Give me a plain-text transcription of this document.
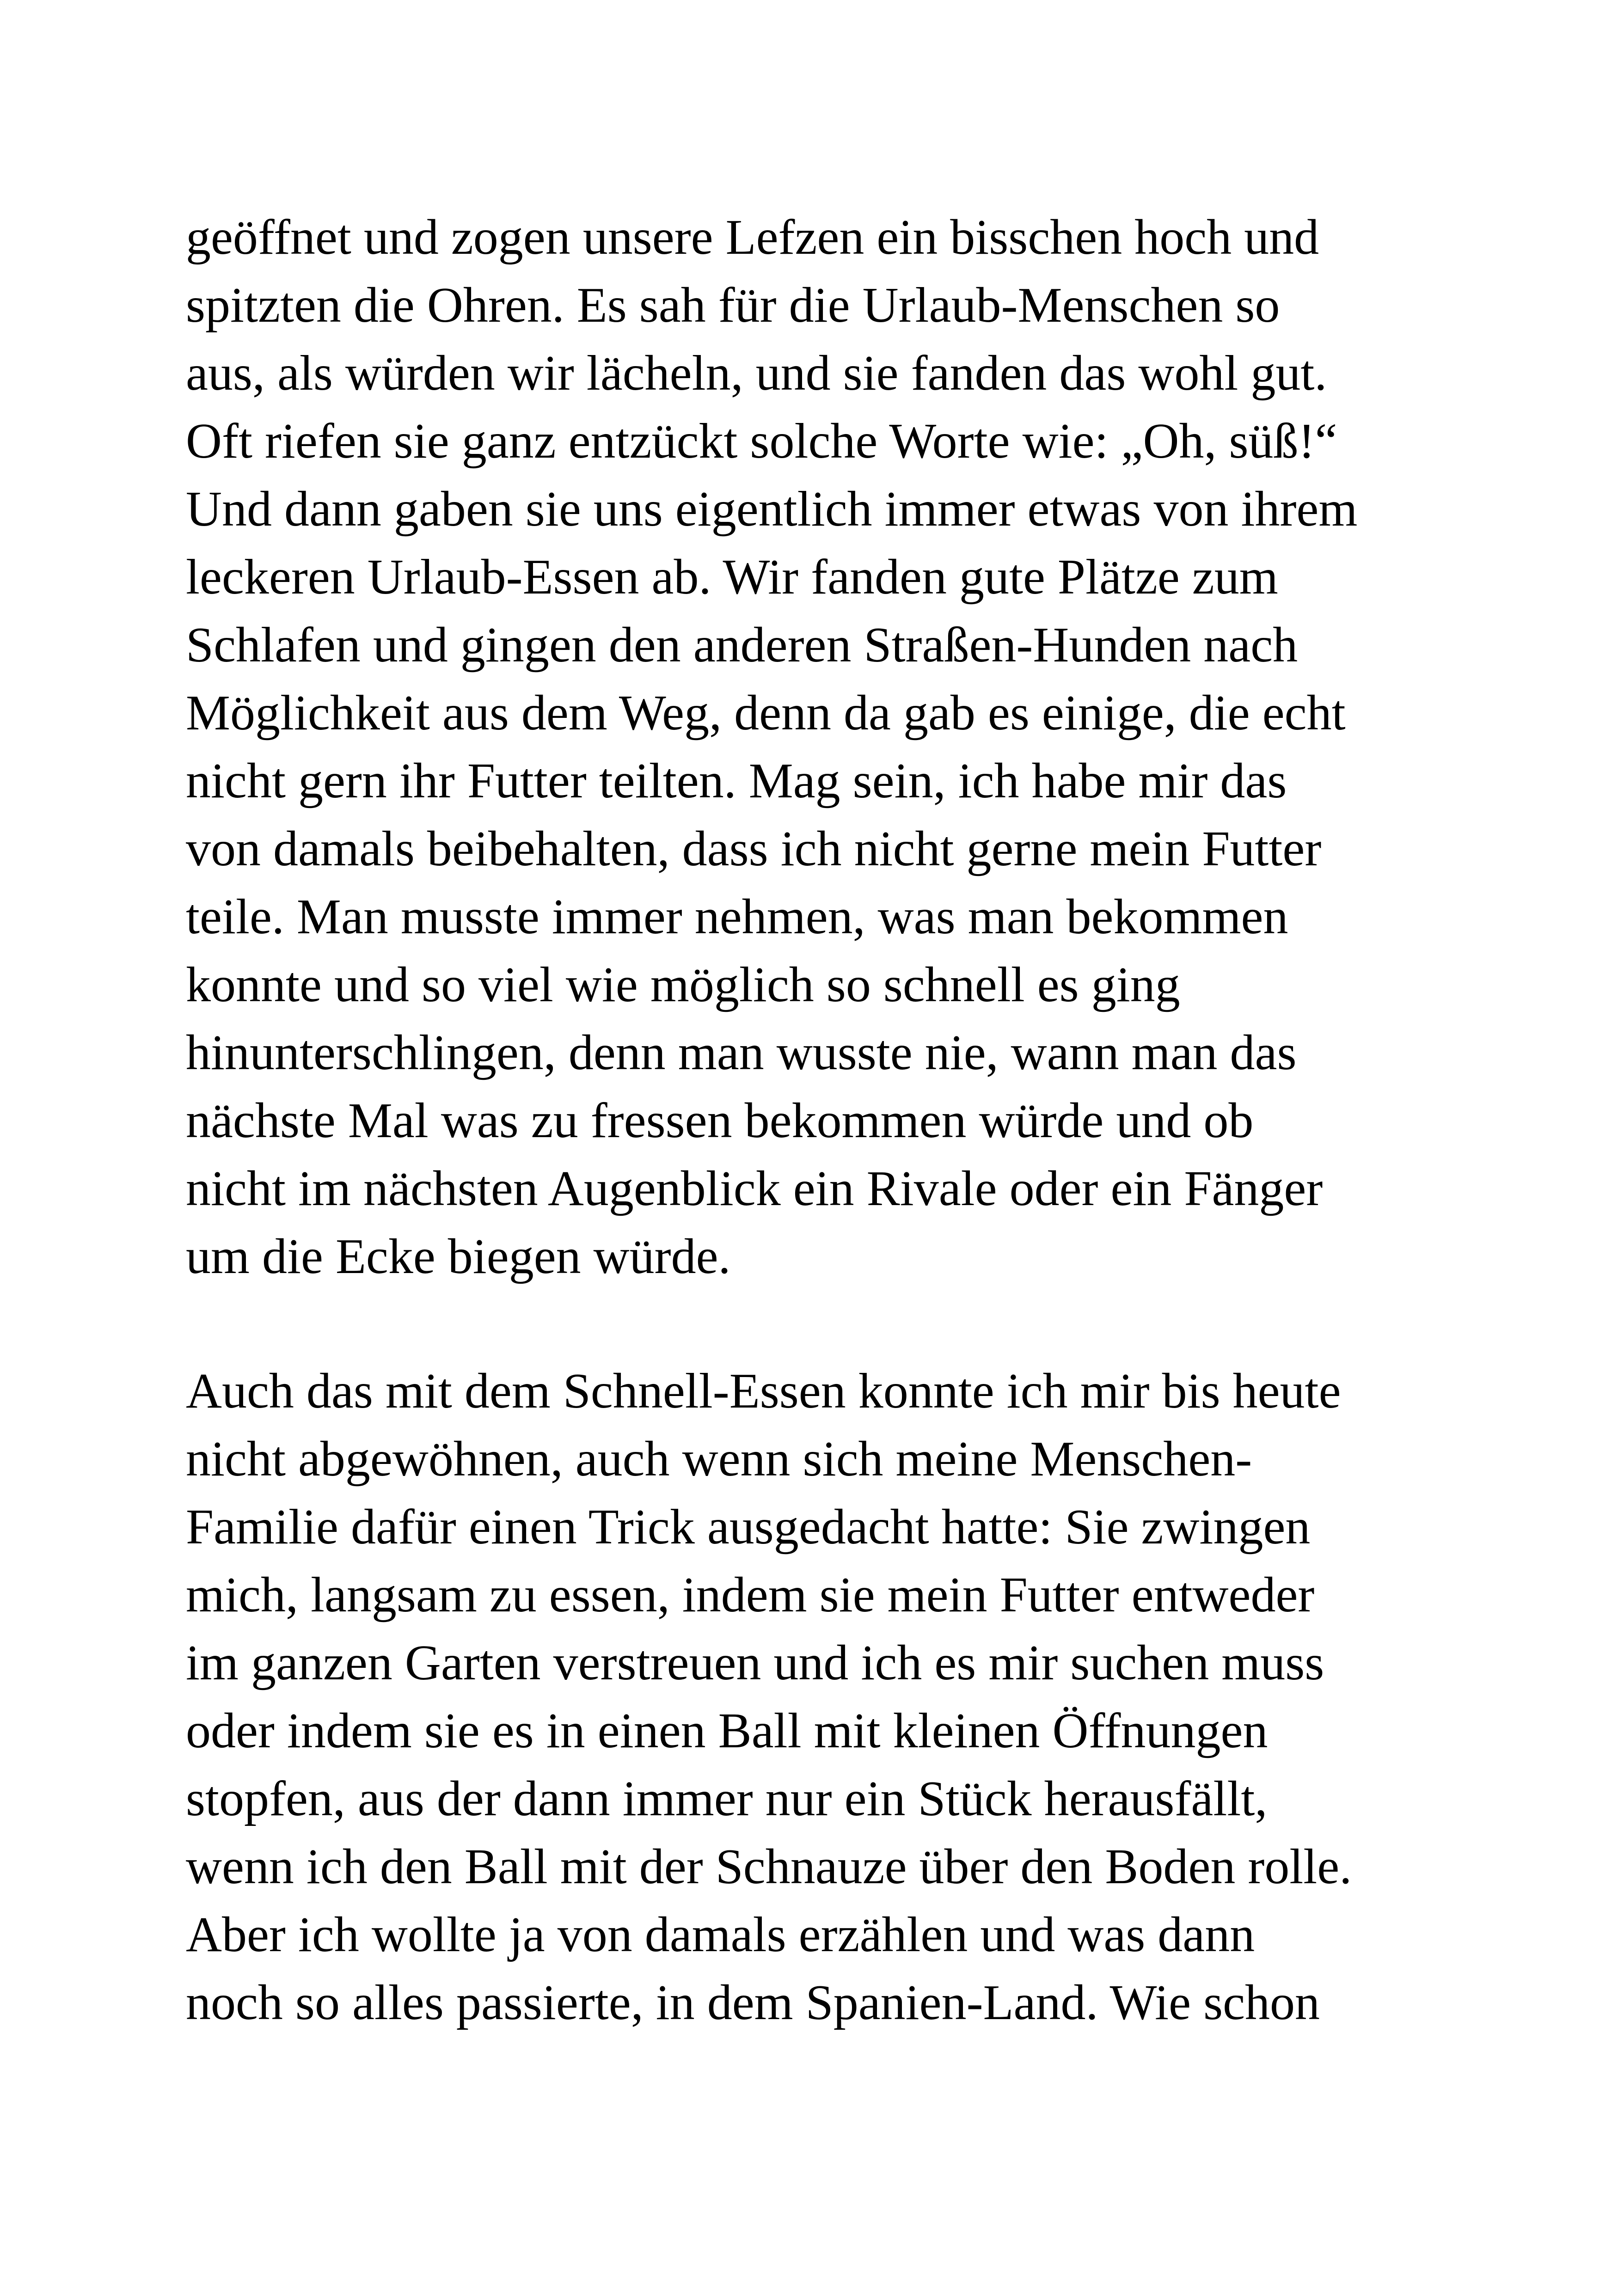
geöffnet und zogen unsere Lefzen ein bisschen hoch und
spitzten die Ohren. Es sah für die Urlaub-Menschen so
aus, als würden wir lächeln, und sie fanden das wohl gut.
Oft riefen sie ganz entzückt solche Worte wie: „Oh, süß!“
Und dann gaben sie uns eigentlich immer etwas von ihrem
leckeren Urlaub-Essen ab. Wir fanden gute Plätze zum
Schlafen und gingen den anderen Straßen-Hunden nach
Möglichkeit aus dem Weg, denn da gab es einige, die echt
nicht gern ihr Futter teilten. Mag sein, ich habe mir das
von damals beibehalten, dass ich nicht gerne mein Futter
teile. Man musste immer nehmen, was man bekommen
konnte und so viel wie möglich so schnell es ging
hinunterschlingen, denn man wusste nie, wann man das
nächste Mal was zu fressen bekommen würde und ob
nicht im nächsten Augenblick ein Rivale oder ein Fänger
um die Ecke biegen würde.
Auch das mit dem Schnell-Essen konnte ich mir bis heute
nicht abgewöhnen, auch wenn sich meine Menschen-
Familie dafür einen Trick ausgedacht hatte: Sie zwingen
mich, langsam zu essen, indem sie mein Futter entweder
im ganzen Garten verstreuen und ich es mir suchen muss
oder indem sie es in einen Ball mit kleinen Öffnungen
stopfen, aus der dann immer nur ein Stück herausfällt,
wenn ich den Ball mit der Schnauze über den Boden rolle.
Aber ich wollte ja von damals erzählen und was dann
noch so alles passierte, in dem Spanien-Land. Wie schon
